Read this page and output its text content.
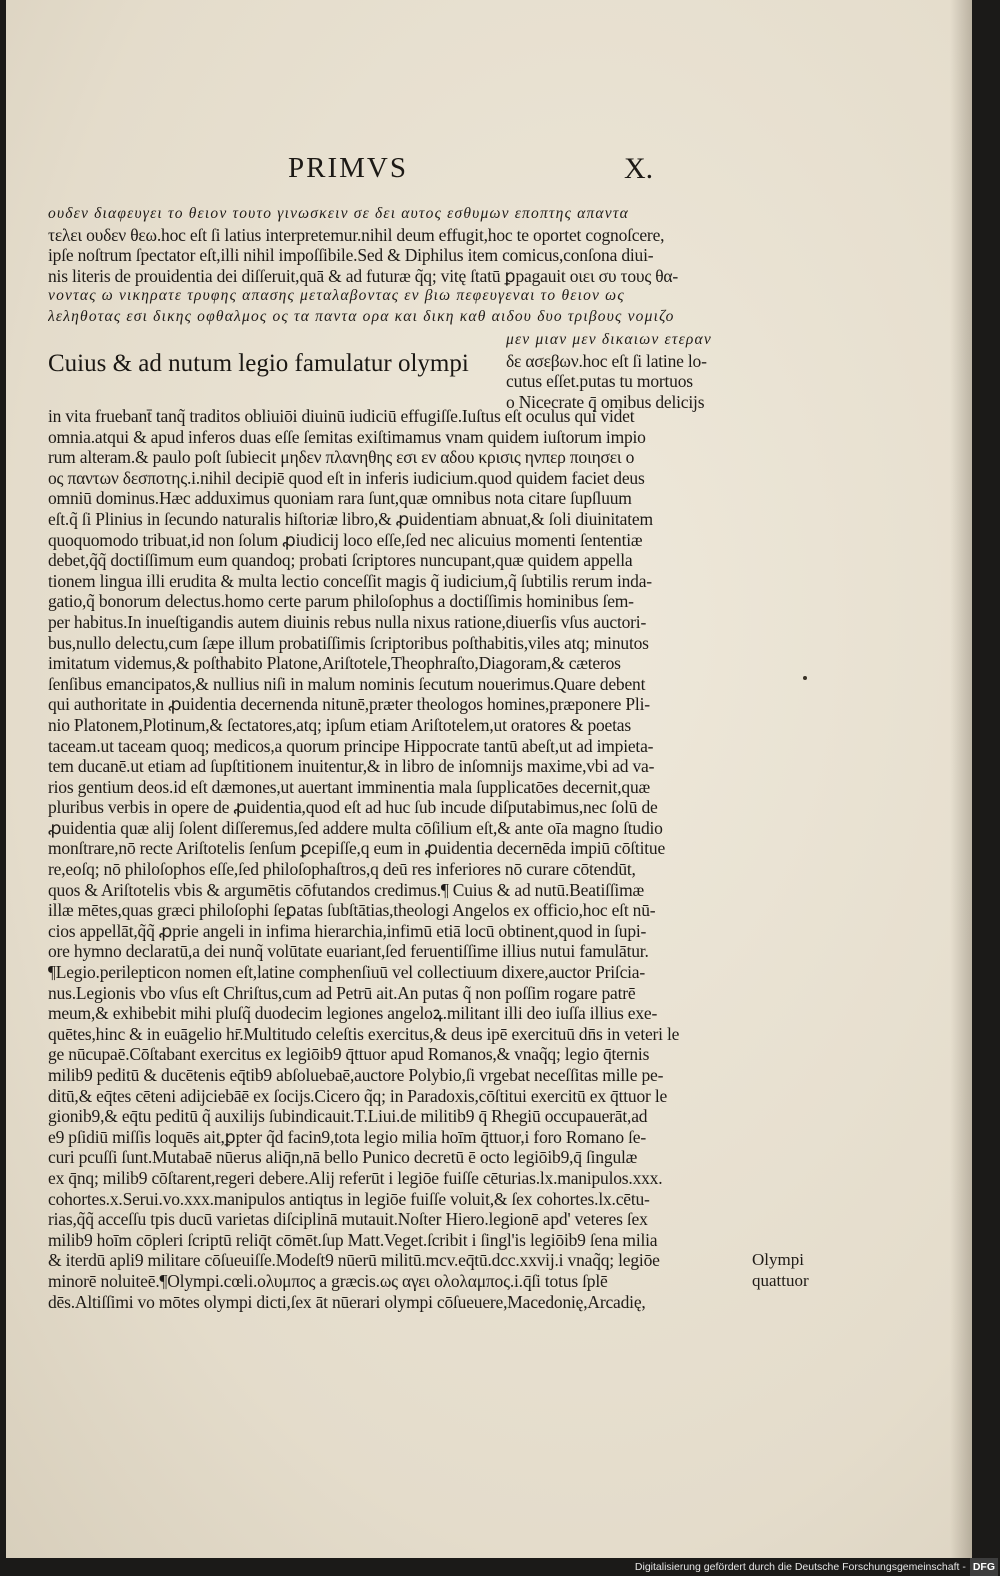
PRIMVS	X.
ουδεν διαφευγει το θειον τουτο γινωσκειν σε δει αυτος εσθυμων εποπτης απαντα
τελει ουδεν θεω.hoc eſt ſi latius interpretemur.nihil deum effugit,hoc te oportet cognoſcere,
ipſe noſtrum ſpectator eſt,illi nihil impoſſibile.Sed & Diphilus item comicus,conſona diui-
nis literis de prouidentia dei diſſeruit,quā & ad futuræ q̃q; vitę ſtatū ꝑpagauit οιει συ τους θα-
νοντας ω νικηρατε τρυφης απασης μεταλαβοντας εν βιω πεφευγεναι το θειον ως
λεληθοτας εσι δικης οφθαλμος ος τα παντα ορα και δικη καθ αιδου δυο τριβους νομιζο
Cuius & ad nutum legio famulatur olympi
μεν μιαν μεν δικαιων ετεραν
δε ασεβων.hoc eſt ſi latine lo-
cutus eſſet.putas tu mortuos
o Nicecrate q̄ omibus delicijs
in vita fruebant̄ tanq̃ traditos obliuiōi diuinū iudiciū effugiſſe.Iuſtus eſt oculus qui videt
omnia.atqui & apud inferos duas eſſe ſemitas exiſtimamus vnam quidem iuſtorum impio
rum alteram.& paulo poſt ſubiecit μηδεν πλανηθης εσι εν αδου κρισις ηνπερ ποιησει ο
ος παντων δεσποτης.i.nihil decipiē quod eſt in inferis iudicium.quod quidem faciet deus
omniū dominus.Hæc adduximus quoniam rara ſunt,quæ omnibus nota citare ſupſluum
eſt.q̃ ſi Plinius in ſecundo naturalis hiſtoriæ libro,& ꝓuidentiam abnuat,& ſoli diuinitatem
quoquomodo tribuat,id non ſolum ꝓiudicij loco eſſe,ſed nec alicuius momenti ſententiæ
debet,q̃q̃ doctiſſimum eum quandoq; probati ſcriptores nuncupant,quæ quidem appella
tionem lingua illi erudita & multa lectio conceſſit magis q̃ iudicium,q̃ ſubtilis rerum inda-
gatio,q̃ bonorum delectus.homo certe parum philoſophus a doctiſſimis hominibus ſem-
per habitus.In inueſtigandis autem diuinis rebus nulla nixus ratione,diuerſis vſus auctori-
bus,nullo delectu,cum ſæpe illum probatiſſimis ſcriptoribus poſthabitis,viles atq; minutos
imitatum videmus,& poſthabito Platone,Ariſtotele,Theophraſto,Diagoram,& cæteros
ſenſibus emancipatos,& nullius niſi in malum nominis ſecutum nouerimus.Quare debent
qui authoritate in ꝓuidentia decernenda nitunē,præter theologos homines,præponere Pli-
nio Platonem,Plotinum,& ſectatores,atq; ipſum etiam Ariſtotelem,ut oratores & poetas
taceam.ut taceam quoq; medicos,a quorum principe Hippocrate tantū abeſt,ut ad impieta-
tem ducanē.ut etiam ad ſupſtitionem inuitentur,& in libro de inſomnijs maxime,vbi ad va-
rios gentium deos.id eſt dæmones,ut auertant imminentia mala ſupplicatōes decernit,quæ
pluribus verbis in opere de ꝓuidentia,quod eſt ad huc ſub incude diſputabimus,nec ſolū de
ꝓuidentia quæ alij ſolent diſſeremus,ſed addere multa cōſilium eſt,& ante oīa magno ſtudio
monſtrare,nō recte Ariſtotelis ſenſum ꝑcepiſſe,q eum in ꝓuidentia decernēda impiū cōſtitue
re,eoſq; nō philoſophos eſſe,ſed philoſophaſtros,q deū res inferiores nō curare cōtendūt,
quos & Ariſtotelis vbis & argumētis cōfutandos credimus.¶ Cuius & ad nutū.Beatiſſimæ
illæ mētes,quas græci philoſophi ſeꝑatas ſubſtātias,theologi Angelos ex officio,hoc eſt nū-
cios appellāt,q̃q̃ ꝓprie angeli in infima hierarchia,infimū etiā locū obtinent,quod in ſupi-
ore hymno declaratū,a dei nunq̃ volūtate euariant,ſed feruentiſſime illius nutui famulātur.
¶Legio.perilepticon nomen eſt,latine comphenſiuū vel collectiuum dixere,auctor Priſcia-
nus.Legionis vbo vſus eſt Chriſtus,cum ad Petrū ait.An putas q̃ non poſſim rogare patrē
meum,& exhibebit mihi pluſq̃ duodecim legiones angeloꝝ.militant illi deo iuſſa illius exe-
quētes,hinc & in euāgelio hr̄.Multitudo celeſtis exercitus,& deus ipē exercituū dn̄s in veteri le
ge nūcupaē.Cōſtabant exercitus ex legiōib9 q̄ttuor apud Romanos,& vnaq̃q; legio q̄ternis
milib9 peditū & ducētenis eq̄tib9 abſoluebaē,auctore Polybio,ſi vrgebat neceſſitas mille pe-
ditū,& eq̄tes cēteni adijciebāē ex ſocijs.Cicero q̃q; in Paradoxis,cōſtitui exercitū ex q̄ttuor le
gionib9,& eq̄tu peditū q̃ auxilijs ſubindicauit.T.Liui.de militib9 q̄ Rhegiū occupauerāt,ad
e9 pſidiū miſſis loquēs ait,ꝑpter q̃d facin9,tota legio milia hoīm q̄ttuor,i foro Romano ſe-
curi pcuſſi ſunt.Mutabaē nūerus aliq̄n,nā bello Punico decretū ē octo legiōib9,q̄ ſingulæ
ex q̄nq; milib9 cōſtarent,regeri debere.Alij referūt i legiōe fuiſſe cēturias.lx.manipulos.xxx.
cohortes.x.Serui.vo.xxx.manipulos antiqtus in legiōe fuiſſe voluit,& ſex cohortes.lx.cētu-
rias,q̃q̃ acceſſu tpis ducū varietas diſciplinā mutauit.Noſter Hiero.legionē apd' veteres ſex
milib9 hoīm cōpleri ſcriptū reliq̄t cōmēt.ſup Matt.Veget.ſcribit i ſingl'is legiōib9 ſena milia
& iterdū apli9 militare cōſueuiſſe.Modeſt9 nūerū militū.mcv.eq̄tū.dcc.xxvij.i vnaq̃q; legiōe
minorē noluiteē.¶Olympi.cœli.ολυμπος a græcis.ως αγει ολολαμπος.i.q̄ſi totus ſplē
dēs.Altiſſimi vo mōtes olympi dicti,ſex āt nūerari olympi cōſueuere,Macedonię,Arcadię,
Olympi
quattuor
Digitalisierung gefördert durch die Deutsche Forschungsgemeinschaft - DFG
